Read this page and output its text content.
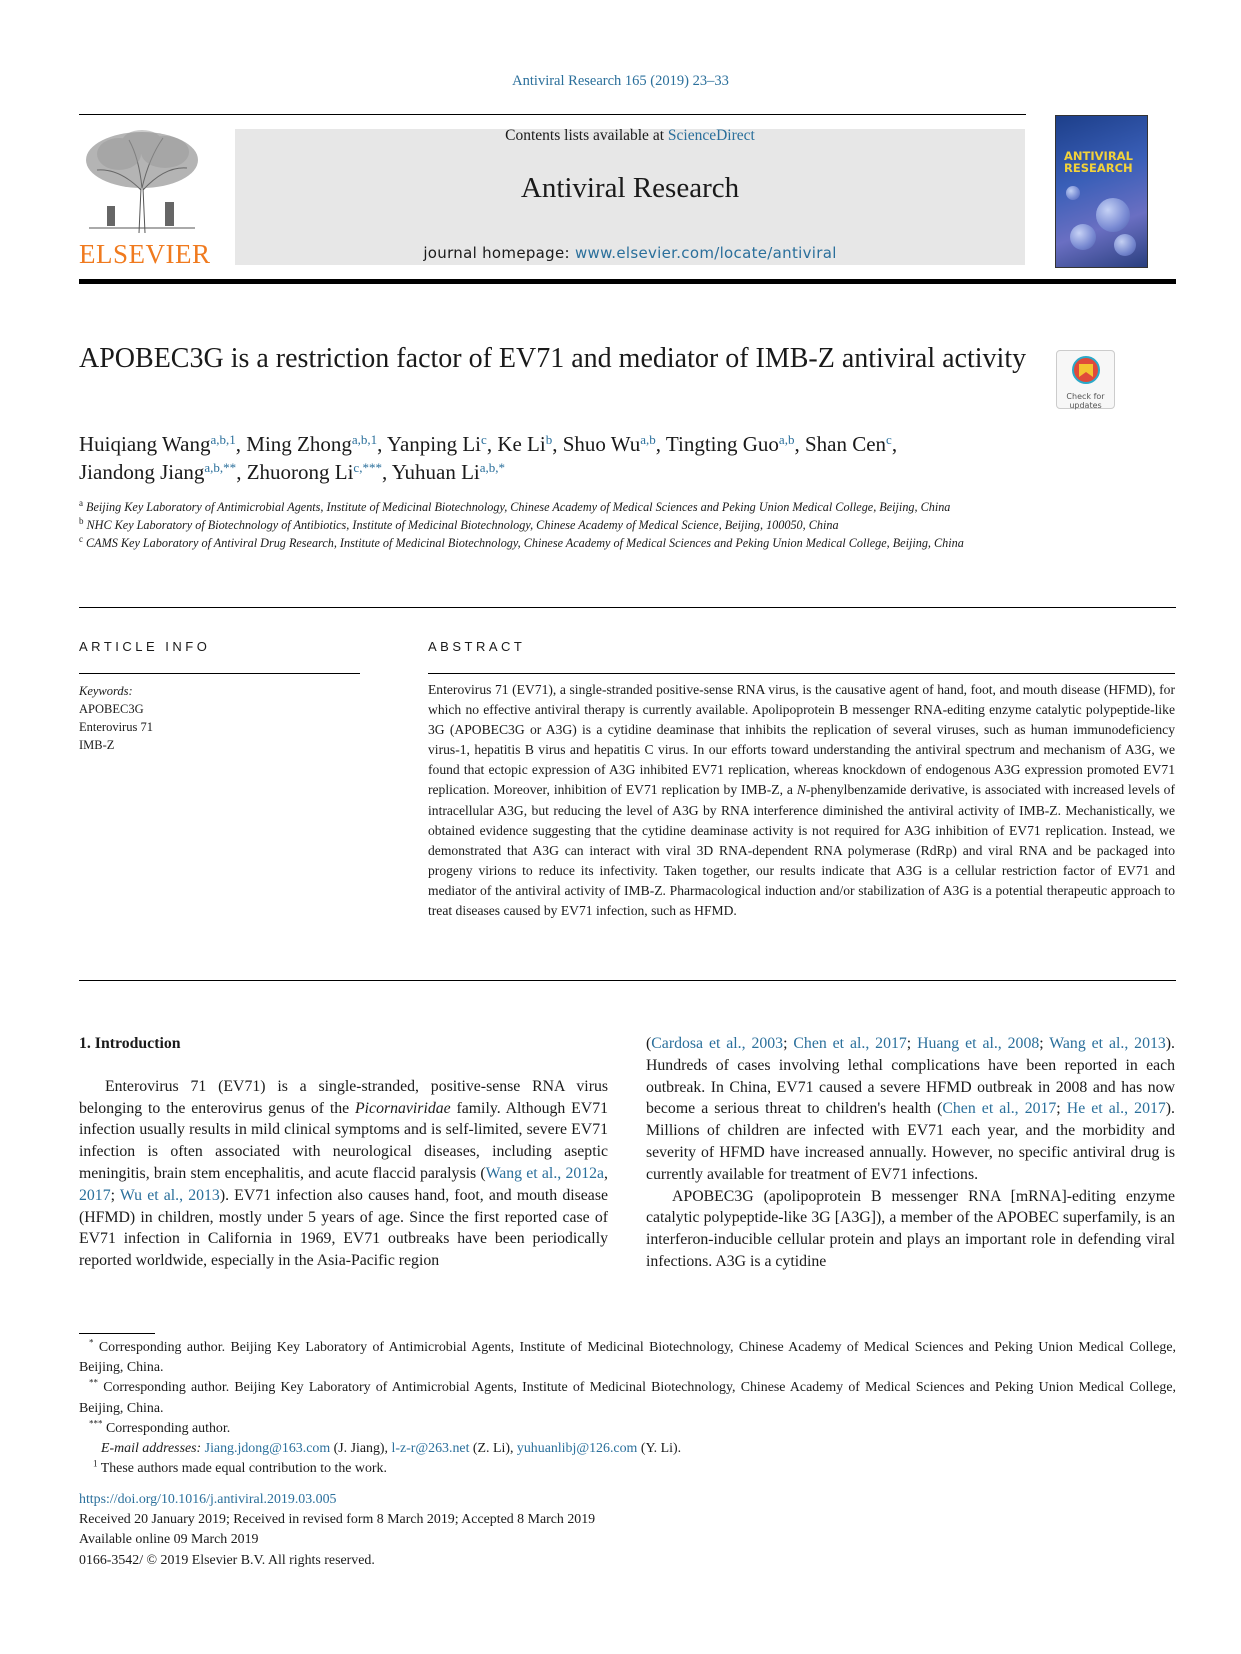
Antiviral Research 165 (2019) 23–33
ELSEVIER
Contents lists available at ScienceDirect
Antiviral Research
journal homepage: www.elsevier.com/locate/antiviral
ANTIVIRAL
RESEARCH
APOBEC3G is a restriction factor of EV71 and mediator of IMB-Z antiviral activity
Check for
updates
Huiqiang Wang$^{a,b,1}$, Ming Zhong$^{a,b,1}$, Yanping Li$^c$, Ke Li$^b$, Shuo Wu$^{a,b}$, Tingting Guo$^{a,b}$, Shan Cen$^c$,
Jiandong Jiang$^{a,b,**}$, Zhuorong $Li^{c,***}$, Yuhuan $Li^{a,b,*}$
$^a$ Beijing Key Laboratory of Antimicrobial Agents, Institute of Medicinal Biotechnology, Chinese Academy of Medical Sciences and Peking Union Medical College, Beijing, China
$^b$ NHC Key Laboratory of Biotechnology of Antibiotics, Institute of Medicinal Biotechnology, Chinese Academy of Medical Science, Beijing, 100050, China
$^c$ CAMS Key Laboratory of Antiviral Drug Research, Institute of Medicinal Biotechnology, Chinese Academy of Medical Sciences and Peking Union Medical College, Beijing, China
ARTICLE INFO	ABSTRACT
Keywords:
APOBEC3G
Enterovirus 71
IMB-Z
Enterovirus 71 (EV71), a single-stranded positive-sense RNA virus, is the causative agent of hand, foot, and mouth disease (HFMD), for which no effective antiviral therapy is currently available. Apolipoprotein B messenger RNA-editing enzyme catalytic polypeptide-like 3G (APOBEC3G or A3G) is a cytidine deaminase that inhibits the replication of several viruses, such as human immunodeficiency virus-1, hepatitis B virus and hepatitis C virus. In our efforts toward understanding the antiviral spectrum and mechanism of A3G, we found that ectopic expression of A3G inhibited EV71 replication, whereas knockdown of endogenous A3G expression promoted EV71 replication. Moreover, inhibition of EV71 replication by IMB-Z, a N-phenylbenzamide derivative, is associated with increased levels of intracellular A3G, but reducing the level of A3G by RNA interference diminished the antiviral activity of IMB-Z. Mechanistically, we obtained evidence suggesting that the cytidine deaminase activity is not required for A3G inhibition of EV71 replication. Instead, we demonstrated that A3G can interact with viral 3D RNA-dependent RNA polymerase (RdRp) and viral RNA and be packaged into progeny virions to reduce its infectivity. Taken together, our results indicate that A3G is a cellular restriction factor of EV71 and mediator of the antiviral activity of IMB-Z. Pharmacological induction and/or stabilization of A3G is a potential therapeutic approach to treat diseases caused by EV71 infection, such as HFMD.
1. Introduction

Enterovirus 71 (EV71) is a single-stranded, positive-sense RNA virus belonging to the enterovirus genus of the Picornaviridae family. Although EV71 infection usually results in mild clinical symptoms and is self-limited, severe EV71 infection is often associated with neurological diseases, including aseptic meningitis, brain stem encephalitis, and acute flaccid paralysis (Wang et al., 2012a, 2017; Wu et al., 2013). EV71 infection also causes hand, foot, and mouth disease (HFMD) in children, mostly under 5 years of age. Since the first reported case of EV71 infection in California in 1969, EV71 outbreaks have been periodically reported worldwide, especially in the Asia-Pacific region

(Cardosa et al., 2003; Chen et al., 2017; Huang et al., 2008; Wang et al., 2013). Hundreds of cases involving lethal complications have been reported in each outbreak. In China, EV71 caused a severe HFMD outbreak in 2008 and has now become a serious threat to children's health (Chen et al., 2017; He et al., 2017). Millions of children are infected with EV71 each year, and the morbidity and severity of HFMD have increased annually. However, no specific antiviral drug is currently available for treatment of EV71 infections.

APOBEC3G (apolipoprotein B messenger RNA [mRNA]-editing enzyme catalytic polypeptide-like 3G [A3G]), a member of the APOBEC superfamily, is an interferon-inducible cellular protein and plays an important role in defending viral infections. A3G is a cytidine

* Corresponding author. Beijing Key Laboratory of Antimicrobial Agents, Institute of Medicinal Biotechnology, Chinese Academy of Medical Sciences and Peking Union Medical College, Beijing, China.

** Corresponding author. Beijing Key Laboratory of Antimicrobial Agents, Institute of Medicinal Biotechnology, Chinese Academy of Medical Sciences and Peking Union Medical College, Beijing, China.

*** Corresponding author.

E-mail addresses: Jiang.jdong@163.com (J. Jiang), l-z-r@263.net (Z. Li), yuhuanlibj@126.com (Y. Li).

$^1$ These authors made equal contribution to the work.

https://doi.org/10.1016/j.antiviral.2019.03.005

Received 20 January 2019; Received in revised form 8 March 2019; Accepted 8 March 2019

Available online 09 March 2019

0166-3542/ © 2019 Elsevier B.V. All rights reserved.
